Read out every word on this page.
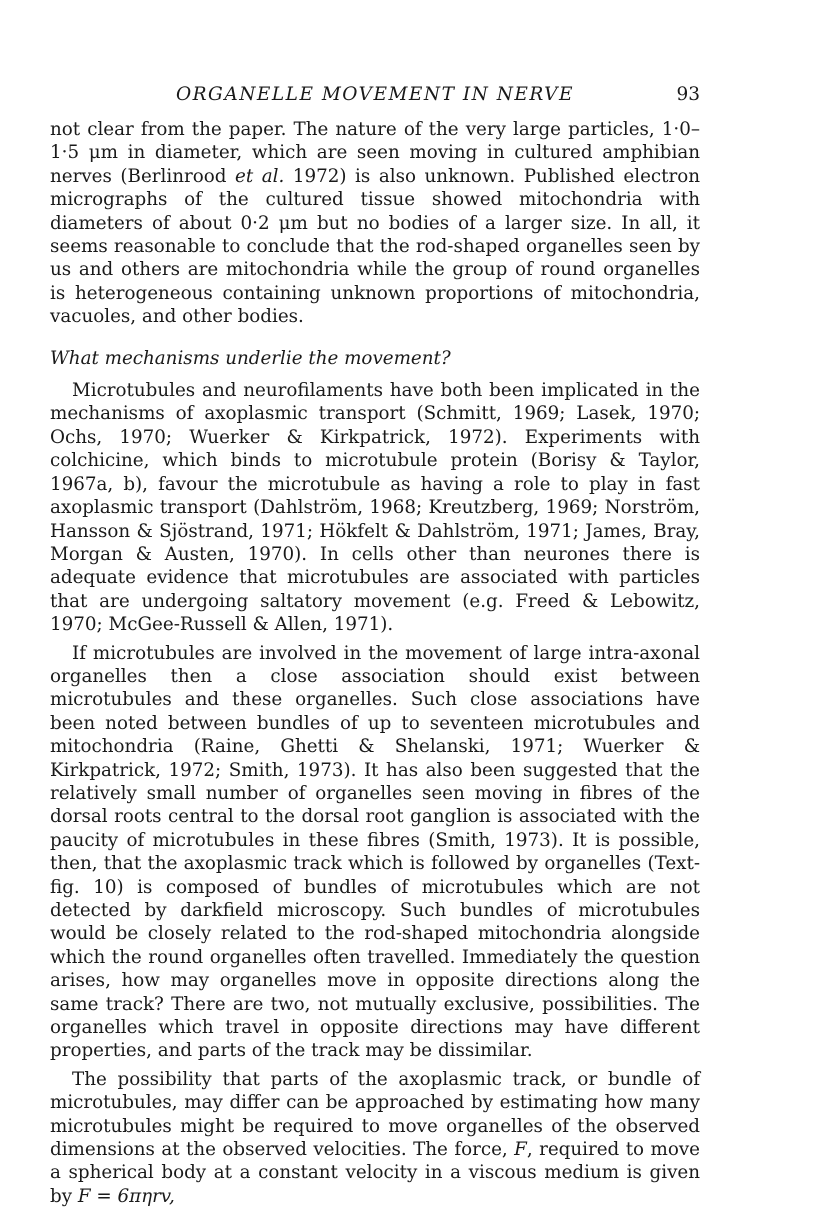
ORGANELLE MOVEMENT IN NERVE	93

not clear from the paper. The nature of the very large particles, 1·0–1·5 μm in diameter, which are seen moving in cultured amphibian nerves (Berlinrood et al. 1972) is also unknown. Published electron micrographs of the cultured tissue showed mitochondria with diameters of about 0·2 μm but no bodies of a larger size. In all, it seems reasonable to conclude that the rod-shaped organelles seen by us and others are mitochondria while the group of round organelles is heterogeneous containing unknown proportions of mitochondria, vacuoles, and other bodies.

What mechanisms underlie the movement?

Microtubules and neurofilaments have both been implicated in the mechanisms of axoplasmic transport (Schmitt, 1969; Lasek, 1970; Ochs, 1970; Wuerker & Kirkpatrick, 1972). Experiments with colchicine, which binds to microtubule protein (Borisy & Taylor, 1967a, b), favour the microtubule as having a role to play in fast axoplasmic transport (Dahlström, 1968; Kreutzberg, 1969; Norström, Hansson & Sjöstrand, 1971; Hökfelt & Dahlström, 1971; James, Bray, Morgan & Austen, 1970). In cells other than neurones there is adequate evidence that microtubules are associated with particles that are undergoing saltatory movement (e.g. Freed & Lebowitz, 1970; McGee-Russell & Allen, 1971).

If microtubules are involved in the movement of large intra-axonal organelles then a close association should exist between microtubules and these organelles. Such close associations have been noted between bundles of up to seventeen microtubules and mitochondria (Raine, Ghetti & Shelanski, 1971; Wuerker & Kirkpatrick, 1972; Smith, 1973). It has also been suggested that the relatively small number of organelles seen moving in fibres of the dorsal roots central to the dorsal root ganglion is associated with the paucity of microtubules in these fibres (Smith, 1973). It is possible, then, that the axoplasmic track which is followed by organelles (Text-fig. 10) is composed of bundles of microtubules which are not detected by darkfield microscopy. Such bundles of microtubules would be closely related to the rod-shaped mitochondria alongside which the round organelles often travelled. Immediately the question arises, how may organelles move in opposite directions along the same track? There are two, not mutually exclusive, possibilities. The organelles which travel in opposite directions may have different properties, and parts of the track may be dissimilar.

The possibility that parts of the axoplasmic track, or bundle of microtubules, may differ can be approached by estimating how many microtubules might be required to move organelles of the observed dimensions at the observed velocities. The force, F, required to move a spherical body at a constant velocity in a viscous medium is given by F = 6πηrv,
